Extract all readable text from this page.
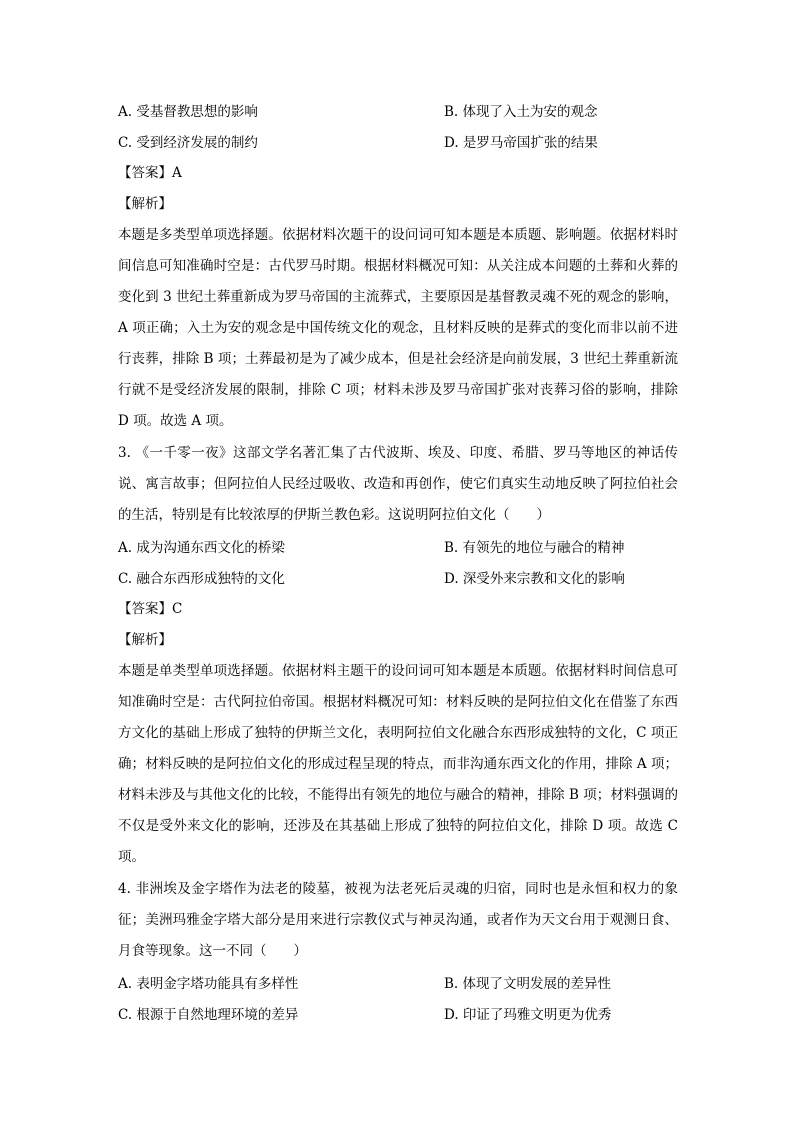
A. 受基督教思想的影响	B. 体现了入土为安的观念
C. 受到经济发展的制约	D. 是罗马帝国扩张的结果
【答案】A
【解析】
本题是多类型单项选择题。依据材料次题干的设问词可知本题是本质题、影响题。依据材料时间信息可知准确时空是：古代罗马时期。根据材料概况可知：从关注成本问题的土葬和火葬的变化到 3 世纪土葬重新成为罗马帝国的主流葬式，主要原因是基督教灵魂不死的观念的影响，A 项正确；入土为安的观念是中国传统文化的观念，且材料反映的是葬式的变化而非以前不进行丧葬，排除 B 项；土葬最初是为了减少成本，但是社会经济是向前发展，3 世纪土葬重新流行就不是受经济发展的限制，排除 C 项；材料未涉及罗马帝国扩张对丧葬习俗的影响，排除 D 项。故选 A 项。
3. 《一千零一夜》这部文学名著汇集了古代波斯、埃及、印度、希腊、罗马等地区的神话传说、寓言故事；但阿拉伯人民经过吸收、改造和再创作，使它们真实生动地反映了阿拉伯社会的生活，特别是有比较浓厚的伊斯兰教色彩。这说明阿拉伯文化（　　）
A. 成为沟通东西文化的桥梁	B. 有领先的地位与融合的精神
C. 融合东西形成独特的文化	D. 深受外来宗教和文化的影响
【答案】C
【解析】
本题是单类型单项选择题。依据材料主题干的设问词可知本题是本质题。依据材料时间信息可知准确时空是：古代阿拉伯帝国。根据材料概况可知：材料反映的是阿拉伯文化在借鉴了东西方文化的基础上形成了独特的伊斯兰文化，表明阿拉伯文化融合东西形成独特的文化，C 项正确；材料反映的是阿拉伯文化的形成过程呈现的特点，而非沟通东西文化的作用，排除 A 项；材料未涉及与其他文化的比较，不能得出有领先的地位与融合的精神，排除 B 项；材料强调的不仅是受外来文化的影响，还涉及在其基础上形成了独特的阿拉伯文化，排除 D 项。故选 C 项。
4. 非洲埃及金字塔作为法老的陵墓，被视为法老死后灵魂的归宿，同时也是永恒和权力的象征；美洲玛雅金字塔大部分是用来进行宗教仪式与神灵沟通，或者作为天文台用于观测日食、月食等现象。这一不同（　　）
A. 表明金字塔功能具有多样性	B. 体现了文明发展的差异性
C. 根源于自然地理环境的差异	D. 印证了玛雅文明更为优秀
